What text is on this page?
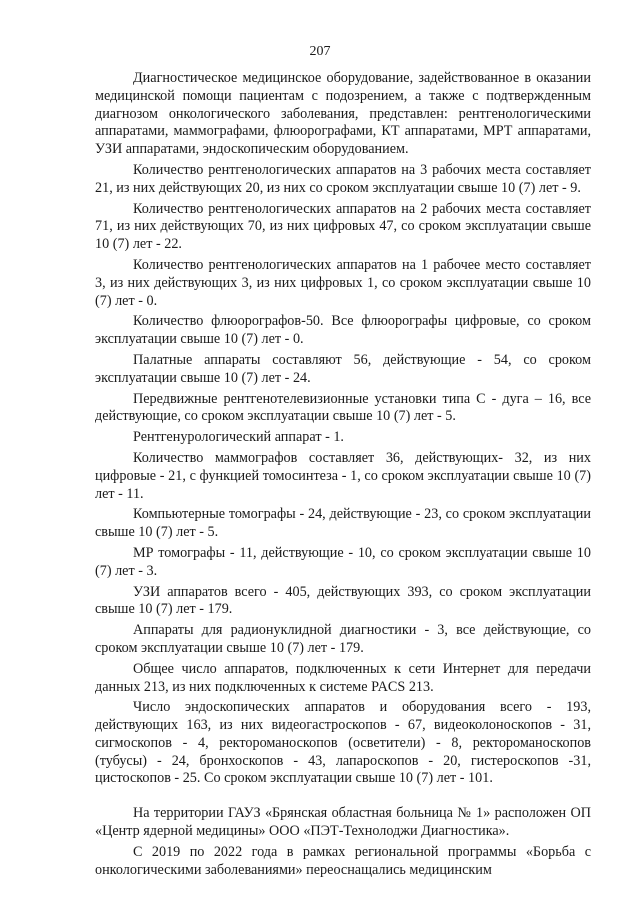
207

Диагностическое медицинское оборудование, задействованное в оказании медицинской помощи пациентам с подозрением, а также с подтвержденным диагнозом онкологического заболевания, представлен: рентгенологическими аппаратами, маммографами, флюорографами, КТ аппаратами, МРТ аппаратами, УЗИ аппаратами, эндоскопическим оборудованием.

Количество рентгенологических аппаратов на 3 рабочих места составляет 21, из них действующих 20, из них со сроком эксплуатации свыше 10 (7) лет - 9.

Количество рентгенологических аппаратов на 2 рабочих места составляет 71, из них действующих 70, из них цифровых 47, со сроком эксплуатации свыше 10 (7) лет - 22.

Количество рентгенологических аппаратов на 1 рабочее место составляет 3, из них действующих 3, из них цифровых 1, со сроком эксплуатации свыше 10 (7) лет - 0.

Количество флюорографов-50. Все флюорографы цифровые, со сроком эксплуатации свыше 10 (7) лет - 0.

Палатные аппараты составляют 56, действующие - 54, со сроком эксплуатации свыше 10 (7) лет - 24.

Передвижные рентгенотелевизионные установки типа С - дуга – 16, все действующие, со сроком эксплуатации свыше 10 (7) лет - 5.

Рентгенурологический аппарат - 1.

Количество маммографов составляет 36, действующих- 32, из них цифровые - 21, с функцией томосинтеза - 1, со сроком эксплуатации свыше 10 (7) лет - 11.

Компьютерные томографы - 24, действующие - 23, со сроком эксплуатации свыше 10 (7) лет - 5.

МР томографы - 11, действующие - 10, со сроком эксплуатации свыше 10 (7) лет - 3.

УЗИ аппаратов всего - 405, действующих 393, со сроком эксплуатации свыше 10 (7) лет - 179.

Аппараты для радионуклидной диагностики - 3, все действующие, со сроком эксплуатации свыше 10 (7) лет - 179.

Общее число аппаратов, подключенных к сети Интернет для передачи данных 213, из них подключенных к системе PACS 213.

Число эндоскопических аппаратов и оборудования всего - 193, действующих 163, из них видеогастроскопов - 67, видеоколоноскопов - 31, сигмоскопов - 4, ректороманоскопов (осветители) - 8, ректороманоскопов (тубусы) - 24, бронхоскопов - 43, лапароскопов - 20, гистероскопов -31, цистоскопов - 25. Со сроком эксплуатации свыше 10 (7) лет - 101.

На территории ГАУЗ «Брянская областная больница № 1» расположен ОП «Центр ядерной медицины» ООО «ПЭТ-Технолоджи Диагностика».

С 2019 по 2022 года в рамках региональной программы «Борьба с онкологическими заболеваниями» переоснащались медицинским
